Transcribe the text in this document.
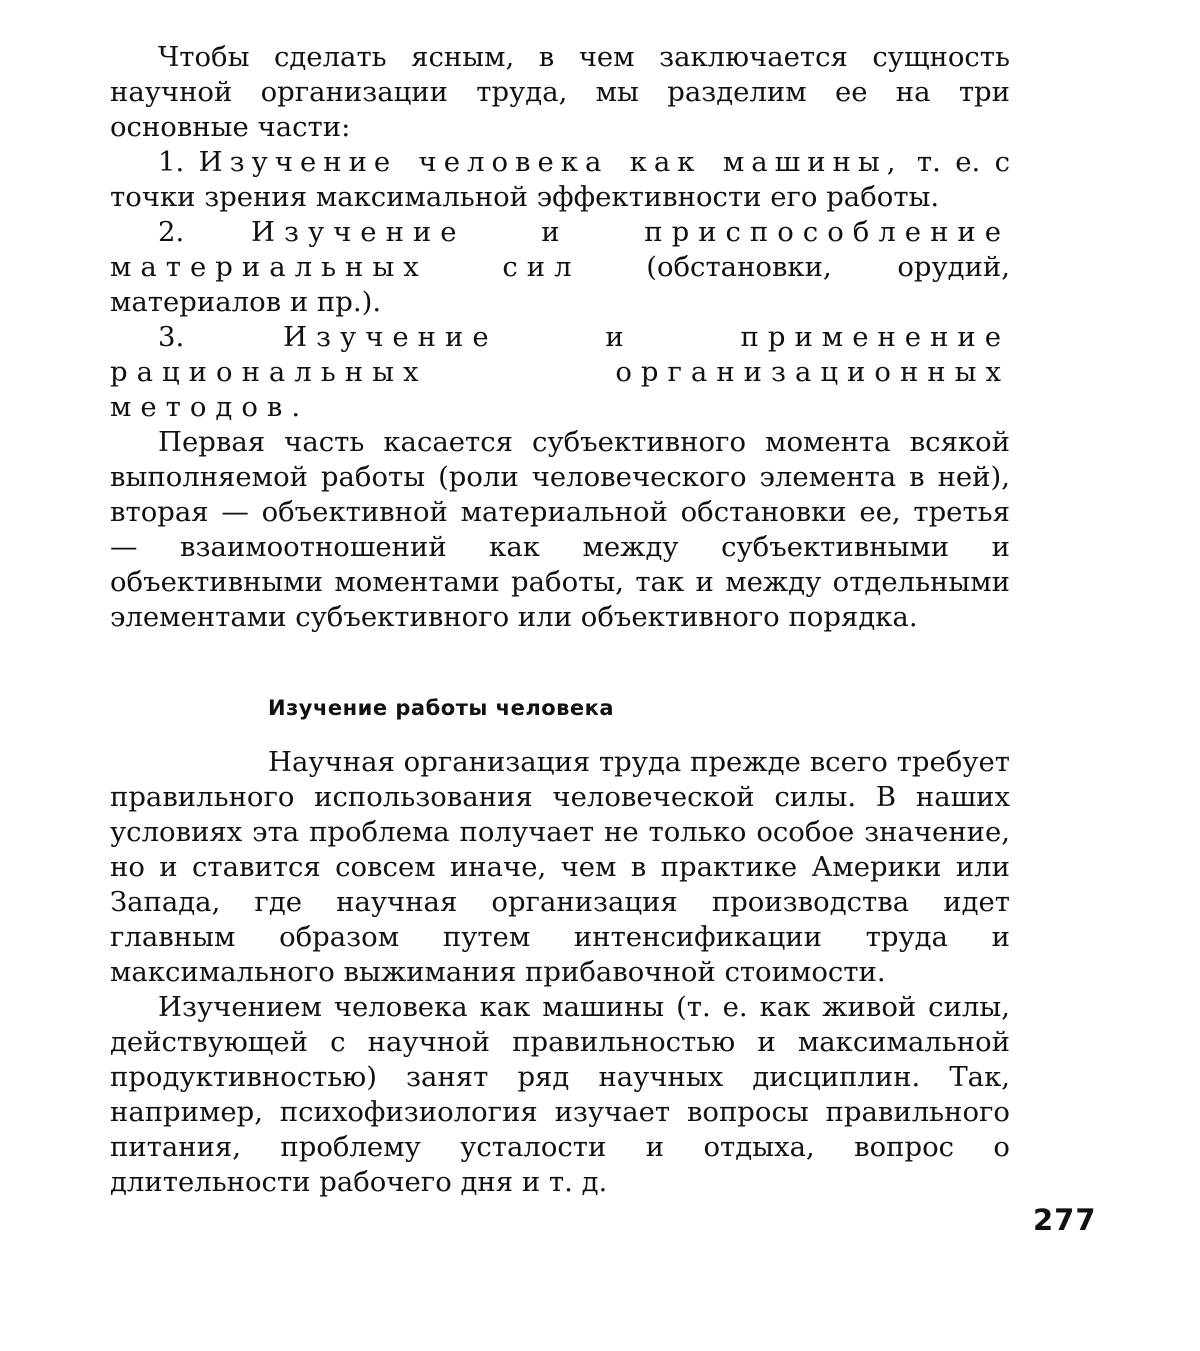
Чтобы сделать ясным, в чем заключается сущность научной организации труда, мы разделим ее на три основные части:

1. Изучение человека как машины, т. е. с точки зрения максимальной эффективности его работы.

2. Изучение и приспособление материальных сил (обстановки, орудий, материалов и пр.).

3.	Изучение и применение рациональных организационных методов.

Первая часть касается субъективного момента всякой выполняемой работы (роли человеческого элемента в ней), вторая — объективной материальной обстановки ее, третья — взаимоотношений как между субъективными и объективными моментами работы, так и между отдельными элементами субъективного или объективного порядка.

Изучение работы человека

Научная организация труда прежде всего требует правильного использования человеческой силы. В наших условиях эта проблема получает не только особое значение, но и ставится совсем иначе, чем в практике Америки или Запада, где научная организация производства идет главным образом путем интенсификации труда и максимального выжимания прибавочной стоимости.

Изучением человека как машины (т. е. как живой силы, действующей с научной правильностью и максимальной продуктивностью) занят ряд научных дисциплин. Так, например, психофизиология изучает вопросы правильного питания, проблему усталости и отдыха, вопрос о длительности рабочего дня и т. д.

277
